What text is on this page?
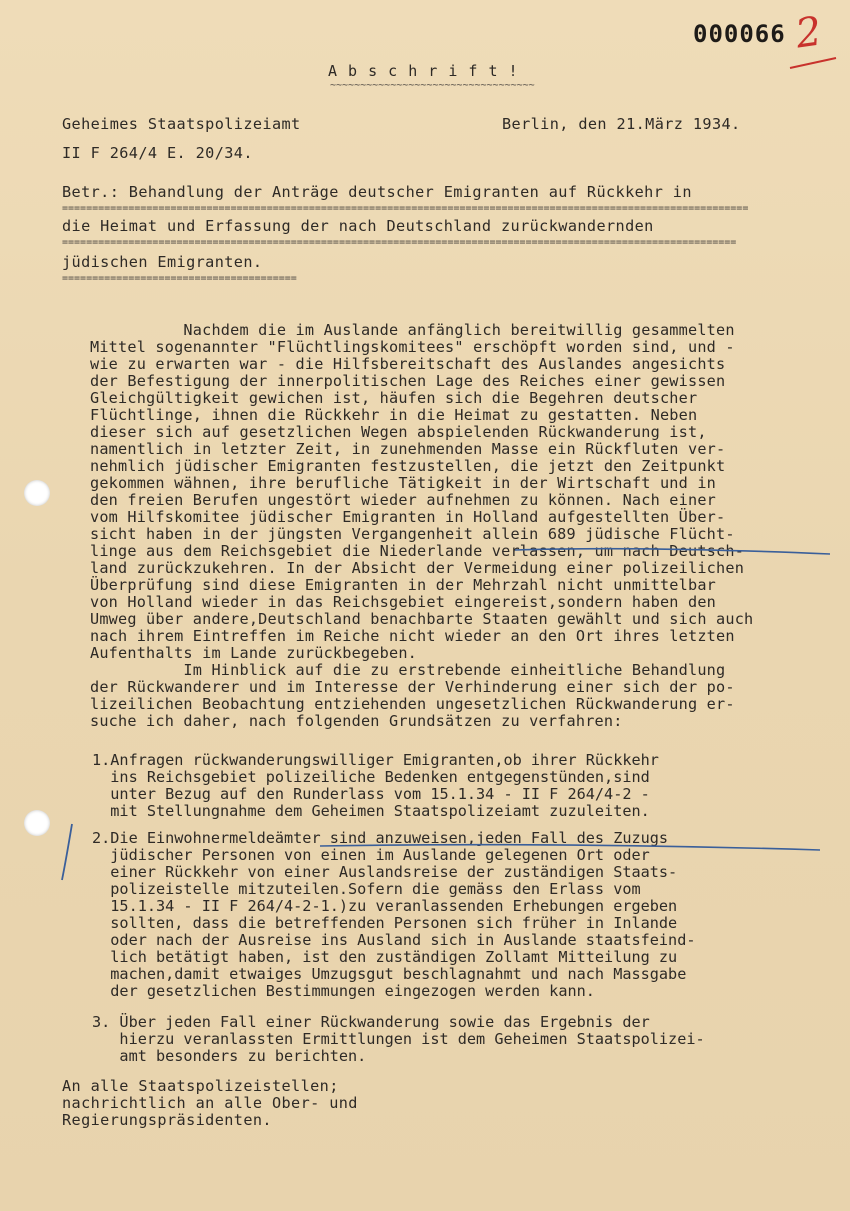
000066 2
A b s c h r i f t !
~~~~~~~~~~~~~~~~~~~~~~~~~~~~~~~~~~
Geheimes Staatspolizeiamt	Berlin, den 21.März 1934.
II F 264/4 E. 20/34.
Betr.: Behandlung der Anträge deutscher Emigranten auf Rückkehr in
==================================================================================================================
die Heimat und Erfassung der nach Deutschland zurückwandernden
================================================================================================================
jüdischen Emigranten.
=======================================
Nachdem die im Auslande anfänglich bereitwillig gesammelten
Mittel sogenannter "Flüchtlingskomitees" erschöpft worden sind, und -
wie zu erwarten war - die Hilfsbereitschaft des Auslandes angesichts
der Befestigung der innerpolitischen Lage des Reiches einer gewissen
Gleichgültigkeit gewichen ist, häufen sich die Begehren deutscher
Flüchtlinge, ihnen die Rückkehr in die Heimat zu gestatten. Neben
dieser sich auf gesetzlichen Wegen abspielenden Rückwanderung ist,
namentlich in letzter Zeit, in zunehmenden Masse ein Rückfluten ver-
nehmlich jüdischer Emigranten festzustellen, die jetzt den Zeitpunkt
gekommen wähnen, ihre berufliche Tätigkeit in der Wirtschaft und in
den freien Berufen ungestört wieder aufnehmen zu können. Nach einer
vom Hilfskomitee jüdischer Emigranten in Holland aufgestellten Über-
sicht haben in der jüngsten Vergangenheit allein 689 jüdische Flücht-
linge aus dem Reichsgebiet die Niederlande verlassen, um nach Deutsch-
land zurückzukehren. In der Absicht der Vermeidung einer polizeilichen
Überprüfung sind diese Emigranten in der Mehrzahl nicht unmittelbar
von Holland wieder in das Reichsgebiet eingereist,sondern haben den
Umweg über andere,Deutschland benachbarte Staaten gewählt und sich auch
nach ihrem Eintreffen im Reiche nicht wieder an den Ort ihres letzten
Aufenthalts im Lande zurückbegeben.
Im Hinblick auf die zu erstrebende einheitliche Behandlung
der Rückwanderer und im Interesse der Verhinderung einer sich der po-
lizeilichen Beobachtung entziehenden ungesetzlichen Rückwanderung er-
suche ich daher, nach folgenden Grundsätzen zu verfahren:
1.Anfragen rückwanderungswilliger Emigranten,ob ihrer Rückkehr
ins Reichsgebiet polizeiliche Bedenken entgegenstünden,sind
unter Bezug auf den Runderlass vom 15.1.34 - II F 264/4-2 -
mit Stellungnahme dem Geheimen Staatspolizeiamt zuzuleiten.
2.Die Einwohnermeldeämter sind anzuweisen,jeden Fall des Zuzugs
jüdischer Personen von einen im Auslande gelegenen Ort oder
einer Rückkehr von einer Auslandsreise der zuständigen Staats-
polizeistelle mitzuteilen.Sofern die gemäss den Erlass vom
15.1.34 - II F 264/4-2-1.)zu veranlassenden Erhebungen ergeben
sollten, dass die betreffenden Personen sich früher in Inlande
oder nach der Ausreise ins Ausland sich in Auslande staatsfeind-
lich betätigt haben, ist den zuständigen Zollamt Mitteilung zu
machen,damit etwaiges Umzugsgut beschlagnahmt und nach Massgabe
der gesetzlichen Bestimmungen eingezogen werden kann.
3. Über jeden Fall einer Rückwanderung sowie das Ergebnis der
hierzu veranlassten Ermittlungen ist dem Geheimen Staatspolizei-
amt besonders zu berichten.
An alle Staatspolizeistellen;
nachrichtlich an alle Ober- und
Regierungspräsidenten.
